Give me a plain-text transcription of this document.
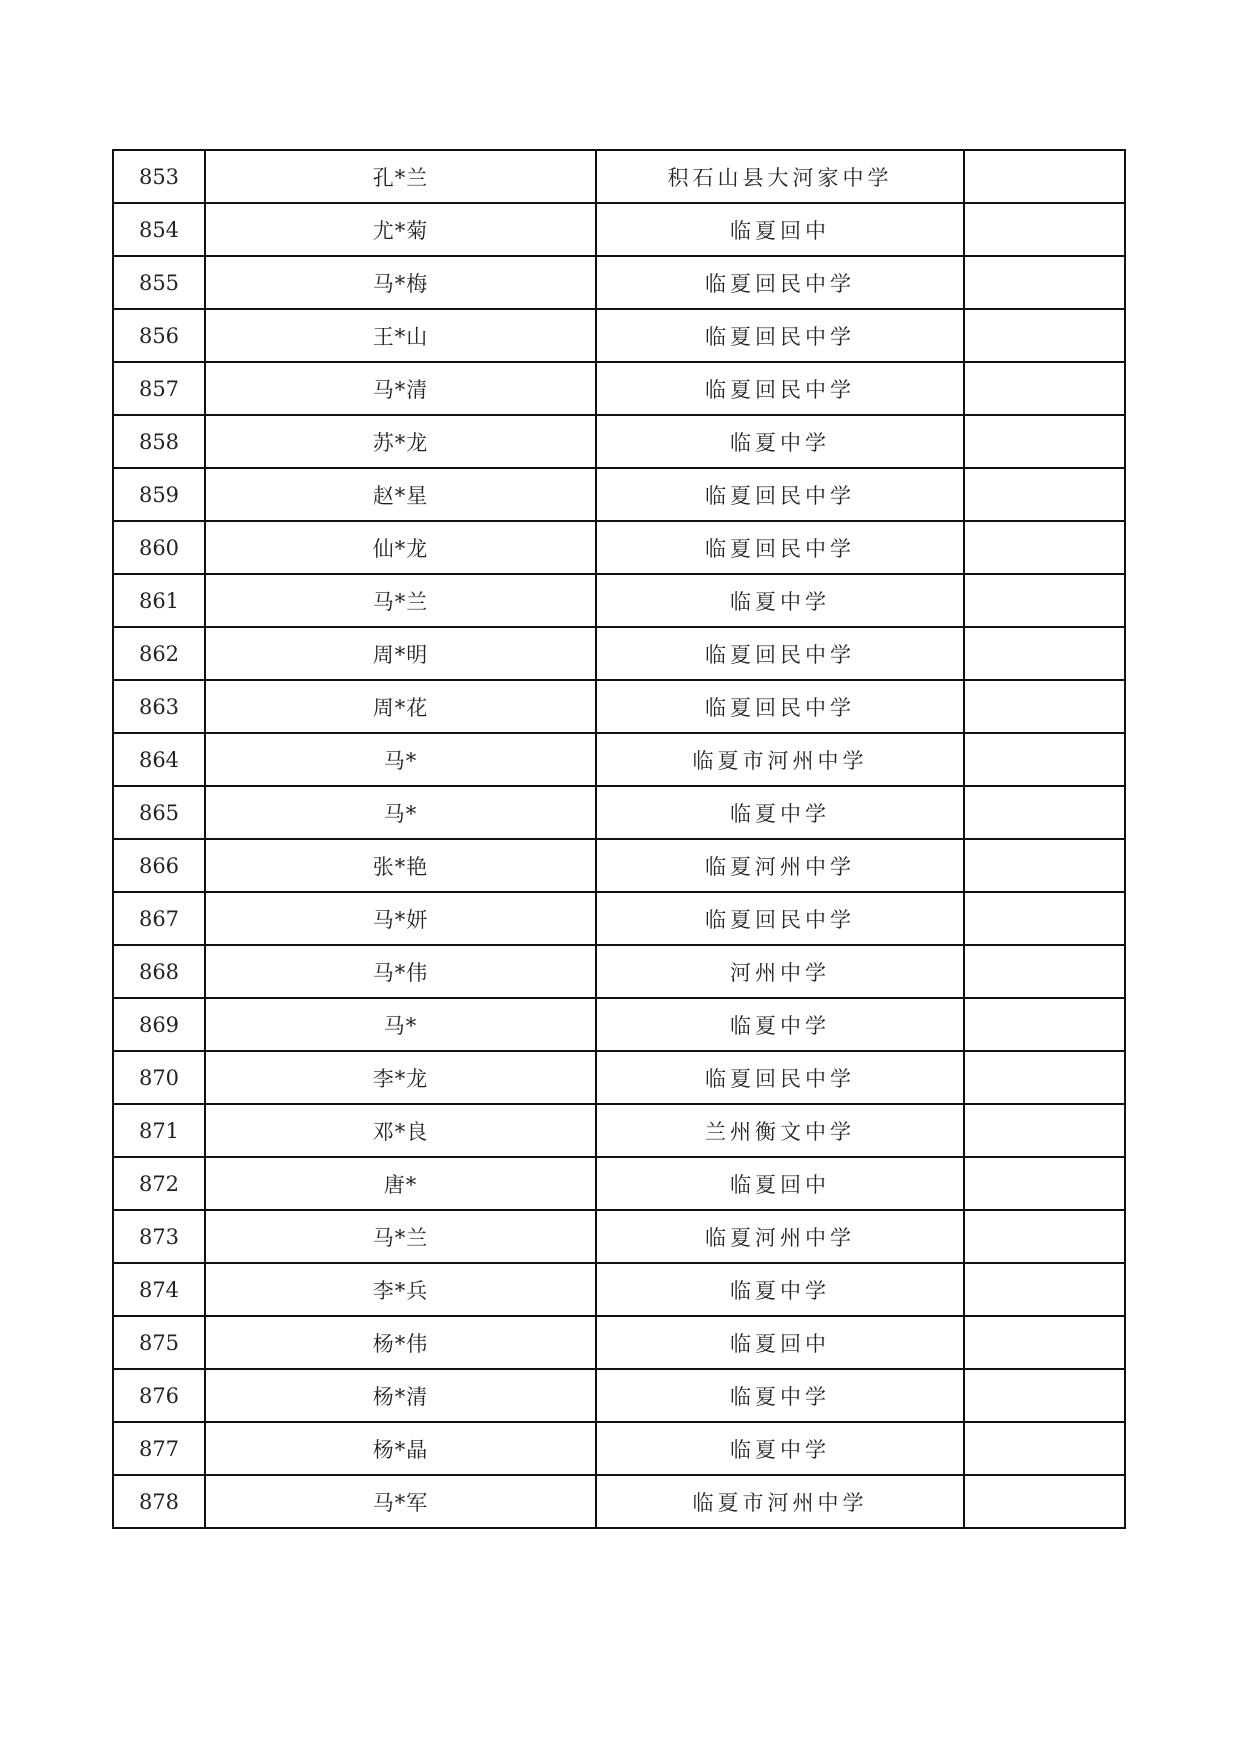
853	孔*兰	积石山县大河家中学	
854	尤*菊	临夏回中	
855	马*梅	临夏回民中学	
856	王*山	临夏回民中学	
857	马*清	临夏回民中学	
858	苏*龙	临夏中学	
859	赵*星	临夏回民中学	
860	仙*龙	临夏回民中学	
861	马*兰	临夏中学	
862	周*明	临夏回民中学	
863	周*花	临夏回民中学	
864	马*	临夏市河州中学	
865	马*	临夏中学	
866	张*艳	临夏河州中学	
867	马*妍	临夏回民中学	
868	马*伟	河州中学	
869	马*	临夏中学	
870	李*龙	临夏回民中学	
871	邓*良	兰州衡文中学	
872	唐*	临夏回中	
873	马*兰	临夏河州中学	
874	李*兵	临夏中学	
875	杨*伟	临夏回中	
876	杨*清	临夏中学	
877	杨*晶	临夏中学	
878	马*军	临夏市河州中学	
